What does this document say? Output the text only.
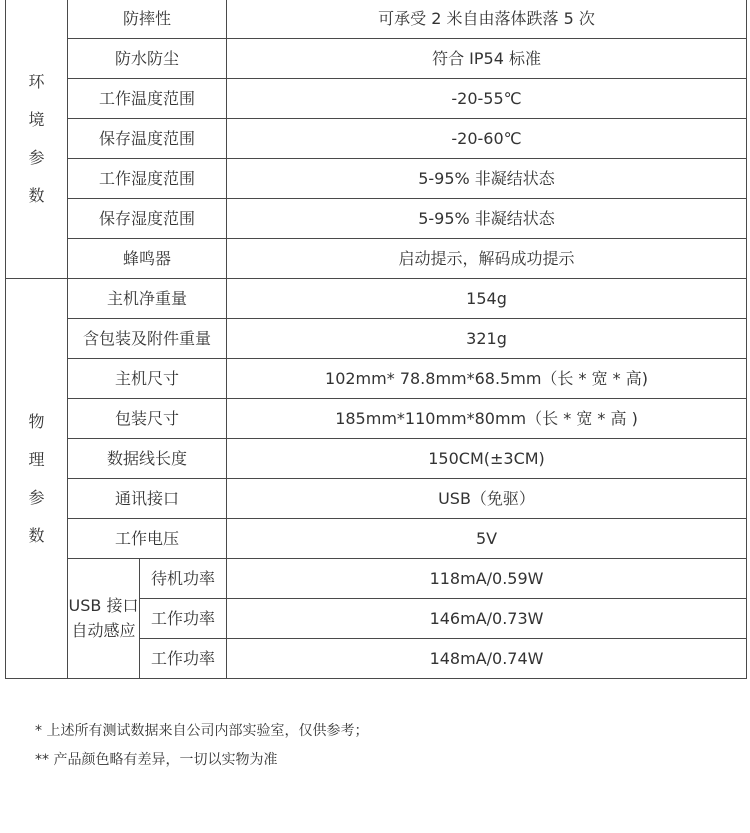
环
境
参
数	防摔性		可承受 2 米自由落体跌落 5 次
	防水防尘		符合 IP54 标准
	工作温度范围		-20-55℃
	保存温度范围		-20-60℃
	工作湿度范围		5-95% 非凝结状态
	保存湿度范围		5-95% 非凝结状态
	蜂鸣器		启动提示，解码成功提示

物
理
参
数	主机净重量		154g
	含包装及附件重量		321g
	主机尺寸		102mm* 78.8mm*68.5mm（长 * 宽 * 高)
	包装尺寸		185mm*110mm*80mm（长 * 宽 * 高 )
	数据线长度		150CM(±3CM)
	通讯接口		USB（免驱）
	工作电压		5V

	USB 接口
自动感应	待机功率	118mA/0.59W
		工作功率	146mA/0.73W
		工作功率	148mA/0.74W
* 上述所有测试数据来自公司内部实验室，仅供参考；
** 产品颜色略有差异，一切以实物为准
